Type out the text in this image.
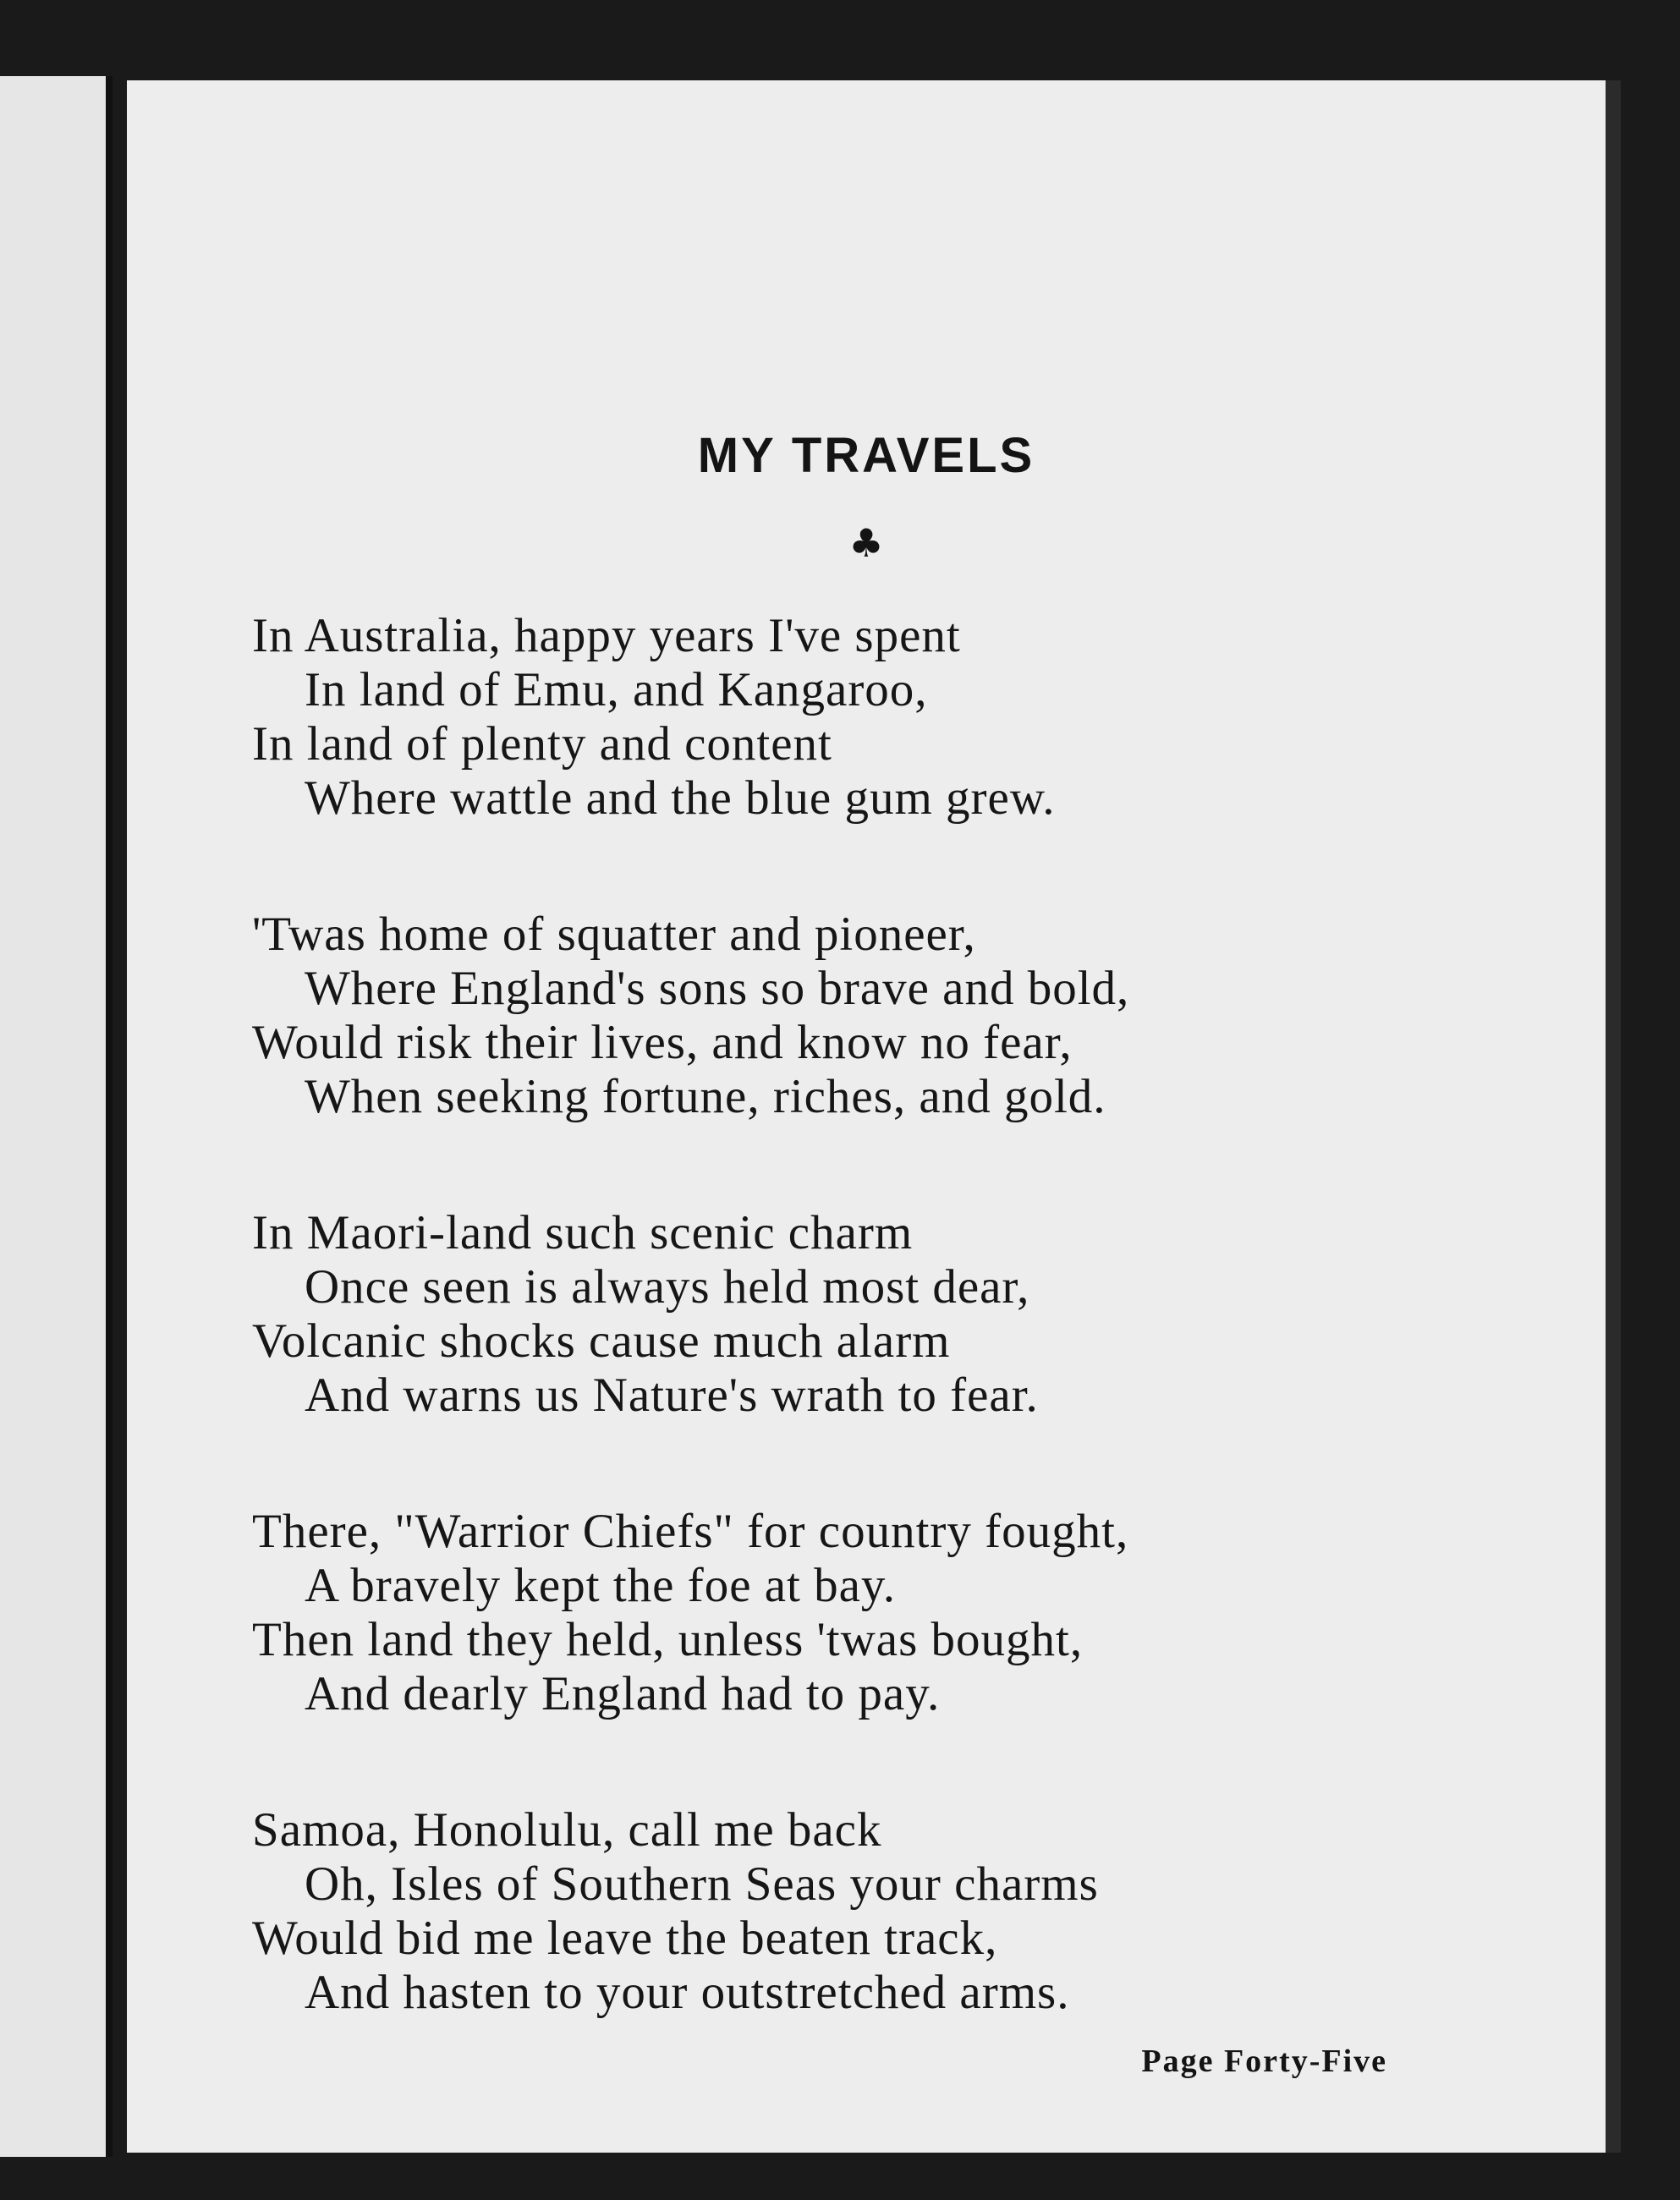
MY TRAVELS
♣
In Australia, happy years I've spent
In land of Emu, and Kangaroo,
In land of plenty and content
Where wattle and the blue gum grew.
'Twas home of squatter and pioneer,
Where England's sons so brave and bold,
Would risk their lives, and know no fear,
When seeking fortune, riches, and gold.
In Maori-land such scenic charm
Once seen is always held most dear,
Volcanic shocks cause much alarm
And warns us Nature's wrath to fear.
There, "Warrior Chiefs" for country fought,
A bravely kept the foe at bay.
Then land they held, unless 'twas bought,
And dearly England had to pay.
Samoa, Honolulu, call me back
Oh, Isles of Southern Seas your charms
Would bid me leave the beaten track,
And hasten to your outstretched arms.
Page Forty-Five
